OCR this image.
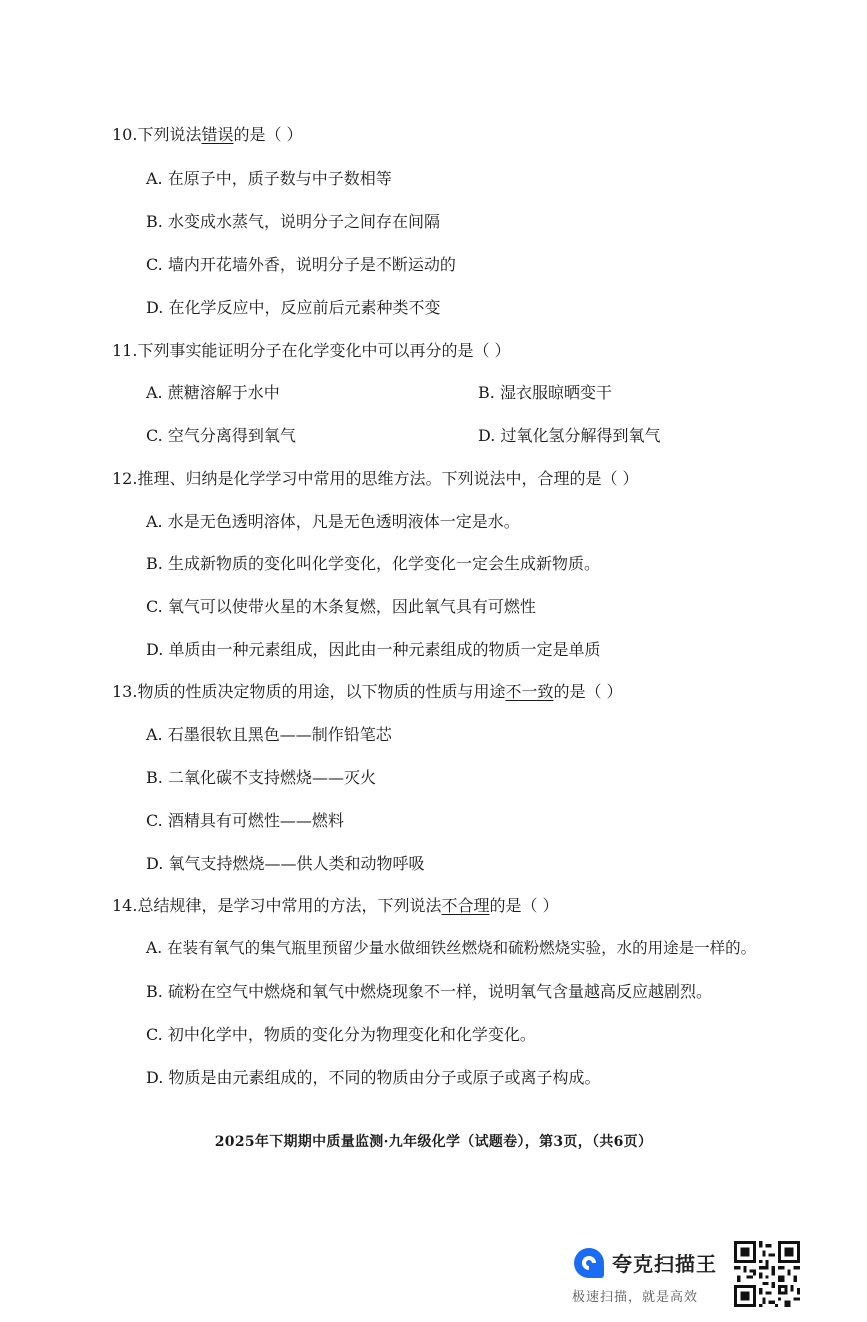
10.下列说法错误的是（ ）
A. 在原子中，质子数与中子数相等
B. 水变成水蒸气，说明分子之间存在间隔
C. 墙内开花墙外香，说明分子是不断运动的
D. 在化学反应中，反应前后元素种类不变
11.下列事实能证明分子在化学变化中可以再分的是（ ）
A. 蔗糖溶解于水中	B. 湿衣服晾晒变干
C. 空气分离得到氧气	D. 过氧化氢分解得到氧气
12.推理、归纳是化学学习中常用的思维方法。下列说法中，合理的是（ ）
A. 水是无色透明溶体，凡是无色透明液体一定是水。
B. 生成新物质的变化叫化学变化，化学变化一定会生成新物质。
C. 氧气可以使带火星的木条复燃，因此氧气具有可燃性
D. 单质由一种元素组成，因此由一种元素组成的物质一定是单质
13.物质的性质决定物质的用途，以下物质的性质与用途不一致的是（ ）
A. 石墨很软且黑色——制作铅笔芯
B. 二氧化碳不支持燃烧——灭火
C. 酒精具有可燃性——燃料
D. 氧气支持燃烧——供人类和动物呼吸
14.总结规律，是学习中常用的方法，下列说法不合理的是（ ）
A. 在装有氧气的集气瓶里预留少量水做细铁丝燃烧和硫粉燃烧实验，水的用途是一样的。
B. 硫粉在空气中燃烧和氧气中燃烧现象不一样，说明氧气含量越高反应越剧烈。
C. 初中化学中，物质的变化分为物理变化和化学变化。
D. 物质是由元素组成的，不同的物质由分子或原子或离子构成。
2025年下期期中质量监测·九年级化学（试题卷），第3页，（共6页）
夸克扫描王
极速扫描，就是高效
